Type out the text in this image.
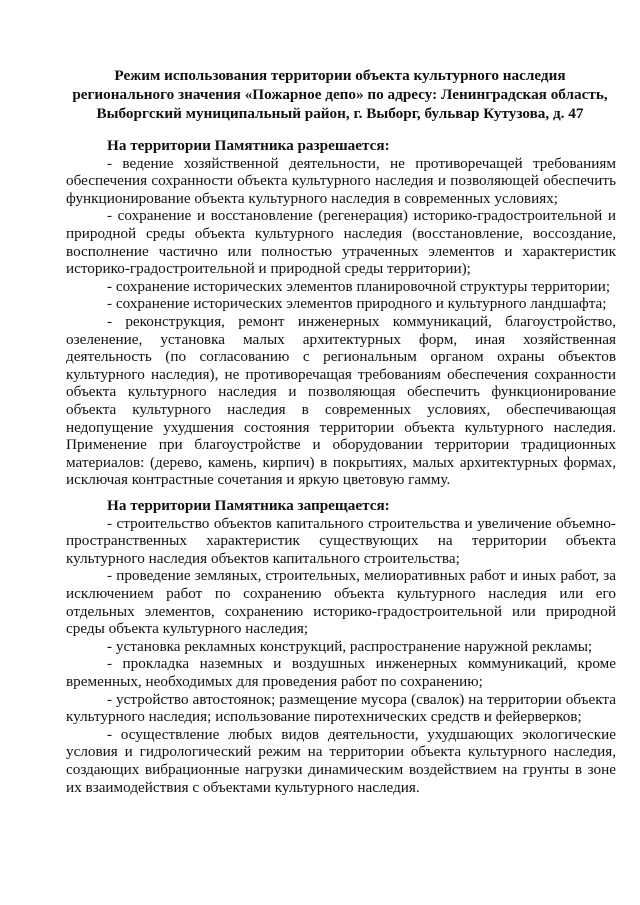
Режим использования территории объекта культурного наследия регионального значения «Пожарное депо» по адресу: Ленинградская область, Выборгский муниципальный район, г. Выборг, бульвар Кутузова, д. 47

На территории Памятника разрешается:

- ведение хозяйственной деятельности, не противоречащей требованиям обеспечения сохранности объекта культурного наследия и позволяющей обеспечить функционирование объекта культурного наследия в современных условиях;

- сохранение и восстановление (регенерация) историко-градостроительной и природной среды объекта культурного наследия (восстановление, воссоздание, восполнение частично или полностью утраченных элементов и характеристик историко-градостроительной и природной среды территории);

- сохранение исторических элементов планировочной структуры территории;

- сохранение исторических элементов природного и культурного ландшафта;

- реконструкция, ремонт инженерных коммуникаций, благоустройство, озеленение, установка малых архитектурных форм, иная хозяйственная деятельность (по согласованию с региональным органом охраны объектов культурного наследия), не противоречащая требованиям обеспечения сохранности объекта культурного наследия и позволяющая обеспечить функционирование объекта культурного наследия в современных условиях, обеспечивающая недопущение ухудшения состояния территории объекта культурного наследия. Применение при благоустройстве и оборудовании территории традиционных материалов: (дерево, камень, кирпич) в покрытиях, малых архитектурных формах, исключая контрастные сочетания и яркую цветовую гамму.

На территории Памятника запрещается:

- строительство объектов капитального строительства и увеличение объемно-пространственных характеристик существующих на территории объекта культурного наследия объектов капитального строительства;

- проведение земляных, строительных, мелиоративных работ и иных работ, за исключением работ по сохранению объекта культурного наследия или его отдельных элементов, сохранению историко-градостроительной или природной среды объекта культурного наследия;

- установка рекламных конструкций, распространение наружной рекламы;

- прокладка наземных и воздушных инженерных коммуникаций, кроме временных, необходимых для проведения работ по сохранению;

- устройство автостоянок; размещение мусора (свалок) на территории объекта культурного наследия; использование пиротехнических средств и фейерверков;

- осуществление любых видов деятельности, ухудшающих экологические условия и гидрологический режим на территории объекта культурного наследия, создающих вибрационные нагрузки динамическим воздействием на грунты в зоне их взаимодействия с объектами культурного наследия.
